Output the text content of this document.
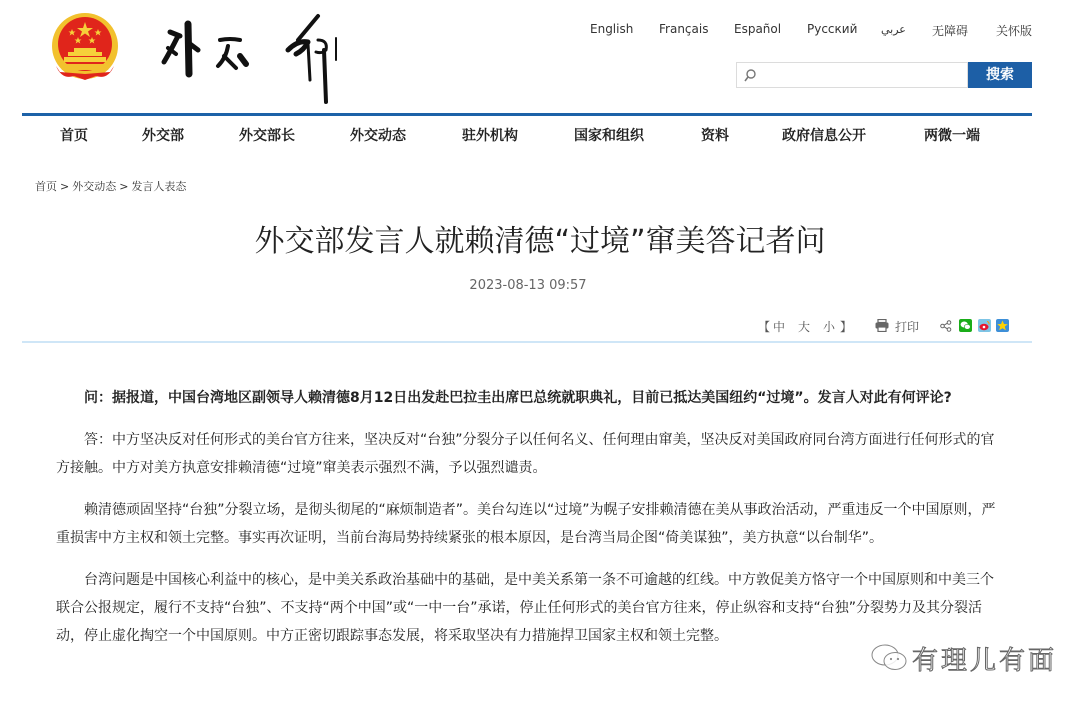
English Français Español Русский عربي 无障碍 关怀版
搜索
首页	外交部	外交部长	外交动态	驻外机构	国家和组织	资料	政府信息公开	两微一端
首页 > 外交动态 > 发言人表态
外交部发言人就赖清德“过境”窜美答记者问
2023-08-13 09:57
【 中 大 小 】	打印

问：据报道，中国台湾地区副领导人赖清德8月12日出发赴巴拉圭出席巴总统就职典礼，目前已抵达美国纽约“过境”。发言人对此有何评论?

答：中方坚决反对任何形式的美台官方往来，坚决反对“台独”分裂分子以任何名义、任何理由窜美，坚决反对美国政府同台湾方面进行任何形式的官方接触。中方对美方执意安排赖清德“过境”窜美表示强烈不满，予以强烈谴责。

赖清德顽固坚持“台独”分裂立场，是彻头彻尾的“麻烦制造者”。美台勾连以“过境”为幌子安排赖清德在美从事政治活动，严重违反一个中国原则，严重损害中方主权和领土完整。事实再次证明，当前台海局势持续紧张的根本原因，是台湾当局企图“倚美谋独”，美方执意“以台制华”。

台湾问题是中国核心利益中的核心，是中美关系政治基础中的基础，是中美关系第一条不可逾越的红线。中方敦促美方恪守一个中国原则和中美三个联合公报规定，履行不支持“台独”、不支持“两个中国”或“一中一台”承诺，停止任何形式的美台官方往来，停止纵容和支持“台独”分裂势力及其分裂活动，停止虚化掏空一个中国原则。中方正密切跟踪事态发展，将采取坚决有力措施捍卫国家主权和领土完整。

有理儿有面
